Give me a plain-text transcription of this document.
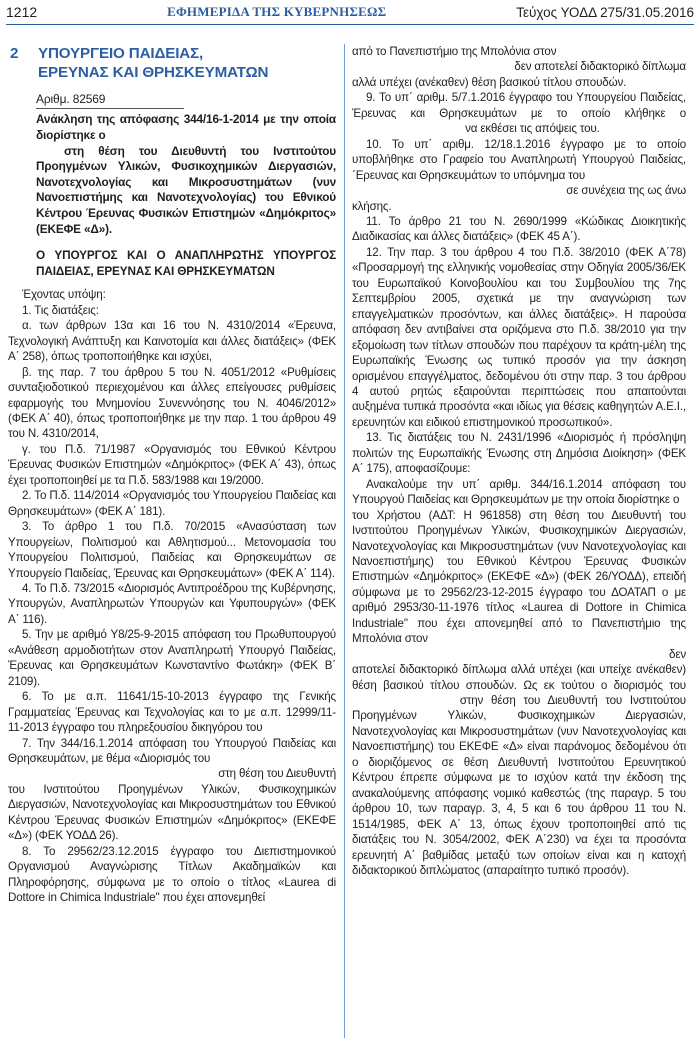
1212	ΕΦΗΜΕΡΙΔΑ ΤΗΣ ΚΥΒΕΡΝΗΣΕΩΣ	Τεύχος ΥΟΔΔ 275/31.05.2016
2	ΥΠΟΥΡΓΕΙΟ ΠΑΙΔΕΙΑΣ,
ΕΡΕΥΝΑΣ ΚΑΙ ΘΡΗΣΚΕΥΜΑΤΩΝ
Αριθμ. 82569
Ανάκληση της απόφασης 344/16-1-2014 με την οποία διορίστηκε ο
στη θέση του Διευθυντή του Ινστιτούτου Προηγμένων Υλικών, Φυσικοχημικών Διεργασιών, Νανοτεχνολογίας και Μικροσυστημάτων (νυν Νανοεπιστήμης και Νανοτεχνολογίας) του Εθνικού Κέντρου Έρευνας Φυσικών Επιστημών «Δημόκριτος» (ΕΚΕΦΕ «Δ»).
Ο ΥΠΟΥΡΓΟΣ ΚΑΙ Ο ΑΝΑΠΛΗΡΩΤΗΣ ΥΠΟΥΡΓΟΣ ΠΑΙΔΕΙΑΣ, ΕΡΕΥΝΑΣ ΚΑΙ ΘΡΗΣΚΕΥΜΑΤΩΝ

Έχοντας υπόψη:

1. Τις διατάξεις:

α. των άρθρων 13α και 16 του Ν. 4310/2014 «Έρευνα, Τεχνολογική Ανάπτυξη και Καινοτομία και άλλες διατάξεις» (ΦΕΚ Α΄ 258), όπως τροποποιήθηκε και ισχύει,

β. της παρ. 7 του άρθρου 5 του Ν. 4051/2012 «Ρυθμίσεις συνταξιοδοτικού περιεχομένου και άλλες επείγουσες ρυθμίσεις εφαρμογής του Μνημονίου Συνεννόησης του Ν. 4046/2012» (ΦΕΚ Α΄ 40), όπως τροποποιήθηκε με την παρ. 1 του άρθρου 49 του Ν. 4310/2014,

γ. του Π.δ. 71/1987 «Οργανισμός του Εθνικού Κέντρου Έρευνας Φυσικών Επιστημών «Δημόκριτος» (ΦΕΚ Α΄ 43), όπως έχει τροποποιηθεί με τα Π.δ. 583/1988 και 19/2000.

2. Το Π.δ. 114/2014 «Οργανισμός του Υπουργείου Παιδείας και Θρησκευμάτων» (ΦΕΚ Α΄ 181).

3. Το άρθρο 1 του Π.δ. 70/2015 «Ανασύσταση των Υπουργείων, Πολιτισμού και Αθλητισμού... Μετονομασία του Υπουργείου Πολιτισμού, Παιδείας και Θρησκευμάτων σε Υπουργείο Παιδείας, Έρευνας και Θρησκευμάτων» (ΦΕΚ Α΄ 114).

4. Το Π.δ. 73/2015 «Διορισμός Αντιπροέδρου της Κυβέρνησης, Υπουργών, Αναπληρωτών Υπουργών και Υφυπουργών» (ΦΕΚ Α΄ 116).

5. Την με αριθμό Υ8/25-9-2015 απόφαση του Πρωθυπουργού «Ανάθεση αρμοδιοτήτων στον Αναπληρωτή Υπουργό Παιδείας, Έρευνας και Θρησκευμάτων Κωνσταντίνο Φωτάκη» (ΦΕΚ Β΄ 2109).

6. Το με α.π. 11641/15-10-2013 έγγραφο της Γενικής Γραμματείας Έρευνας και Τεχνολογίας και το με α.π. 12999/11-11-2013 έγγραφο του πληρεξουσίου δικηγόρου του

7. Την 344/16.1.2014 απόφαση του Υπουργού Παιδείας και Θρησκευμάτων, με θέμα «Διορισμός του

στη θέση του Διευθυντή

του Ινστιτούτου Προηγμένων Υλικών, Φυσικοχημικών Διεργασιών, Νανοτεχνολογίας και Μικροσυστημάτων του Εθνικού Κέντρου Έρευνας Φυσικών Επιστημών «Δημόκριτος» (ΕΚΕΦΕ «Δ») (ΦΕΚ ΥΟΔΔ 26).

8. Το 29562/23.12.2015 έγγραφο του Διεπιστημονικού Οργανισμού Αναγνώρισης Τίτλων Ακαδημαϊκών και Πληροφόρησης, σύμφωνα με το οποίο ο τίτλος «Laurea di Dottore in Chimica Industriale" που έχει απονεμηθεί

από το Πανεπιστήμιο της Μπολόνια στον

δεν αποτελεί διδακτορικό δίπλωμα

αλλά υπέχει (ανέκαθεν) θέση βασικού τίτλου σπουδών.

9. Το υπ΄ αριθμ. 5/7.1.2016 έγγραφο του Υπουργείου Παιδείας, Έρευνας και Θρησκευμάτων με το οποίο κλήθηκε ο  να εκθέσει τις απόψεις του.

10. Το υπ΄ αριθμ. 12/18.1.2016 έγγραφο με το οποίο υποβλήθηκε στο Γραφείο του Αναπληρωτή Υπουργού Παιδείας, ΄Ερευνας και Θρησκευμάτων το υπόμνημα του

σε συνέχεια της ως άνω

κλήσης.

11. Το άρθρο 21 του Ν. 2690/1999 «Κώδικας Διοικητικής Διαδικασίας και άλλες διατάξεις» (ΦΕΚ 45 Α΄).

12. Την παρ. 3 του άρθρου 4 του Π.δ. 38/2010 (ΦΕΚ Α΄78) «Προσαρμογή της ελληνικής νομοθεσίας στην Οδηγία 2005/36/ΕΚ του Ευρωπαϊκού Κοινοβουλίου και του Συμβουλίου της 7ης Σεπτεμβρίου 2005, σχετικά με την αναγνώριση των επαγγελματικών προσόντων, και άλλες διατάξεις». Η παρούσα απόφαση δεν αντιβαίνει στα οριζόμενα στο Π.δ. 38/2010 για την εξομοίωση των τίτλων σπουδών που παρέχουν τα κράτη-μέλη της Ευρωπαϊκής Ένωσης ως τυπικό προσόν για την άσκηση ορισμένου επαγγέλματος, δεδομένου ότι στην παρ. 3 του άρθρου 4 αυτού ρητώς εξαιρούνται περιπτώσεις που απαιτούνται αυξημένα τυπικά προσόντα «και ιδίως για θέσεις καθηγητών Α.Ε.Ι., ερευνητών και ειδικού επιστημονικού προσωπικού».

13. Τις διατάξεις του Ν. 2431/1996 «Διορισμός ή πρόσληψη πολιτών της Ευρωπαϊκής Ένωσης στη Δημόσια Διοίκηση» (ΦΕΚ Α΄ 175), αποφασίζουμε:

Ανακαλούμε την υπ΄ αριθμ. 344/16.1.2014 απόφαση του Υπουργού Παιδείας και Θρησκευμάτων με την οποία διορίστηκε ο

του Χρήστου (ΑΔΤ: Η 961858) στη θέση του Διευθυντή του Ινστιτούτου Προηγμένων Υλικών, Φυσικοχημικών Διεργασιών, Νανοτεχνολογίας και Μικροσυστημάτων (νυν Νανοτεχνολογίας και Νανοεπιστήμης) του Εθνικού Κέντρου Έρευνας Φυσικών Επιστημών «Δημόκριτος» (ΕΚΕΦΕ «Δ») (ΦΕΚ 26/ΥΟΔΔ), επειδή σύμφωνα με το 29562/23-12-2015 έγγραφο του ΔΟΑΤΑΠ ο με αριθμό 2953/30-11-1976 τίτλος «Laurea di Dottore in Chimica Industriale" που έχει απονεμηθεί από το Πανεπιστήμιο της Μπολόνια στον

δεν

αποτελεί διδακτορικό δίπλωμα αλλά υπέχει (και υπείχε ανέκαθεν) θέση βασικού τίτλου σπουδών. Ως εκ τούτου ο διορισμός του  στην θέση του Διευθυντή του Ινστιτούτου Προηγμένων Υλικών, Φυσικοχημικών Διεργασιών, Νανοτεχνολογίας και Μικροσυστημάτων (νυν Νανοτεχνολογίας και Νανοεπιστήμης) του ΕΚΕΦΕ «Δ» είναι παράνομος δεδομένου ότι ο διοριζόμενος σε θέση Διευθυντή Ινστιτούτου Ερευνητικού Κέντρου έπρεπε σύμφωνα με το ισχύον κατά την έκδοση της ανακαλούμενης απόφασης νομικό καθεστώς (της παραγρ. 5 του άρθρου 10, των παραγρ. 3, 4, 5 και 6 του άρθρου 11 του Ν. 1514/1985, ΦΕΚ Α΄ 13, όπως έχουν τροποποιηθεί από τις διατάξεις του Ν. 3054/2002, ΦΕΚ Α΄230) να έχει τα προσόντα ερευνητή Α΄ βαθμίδας μεταξύ των οποίων είναι και η κατοχή διδακτορικού διπλώματος (απαραίτητο τυπικό προσόν).
